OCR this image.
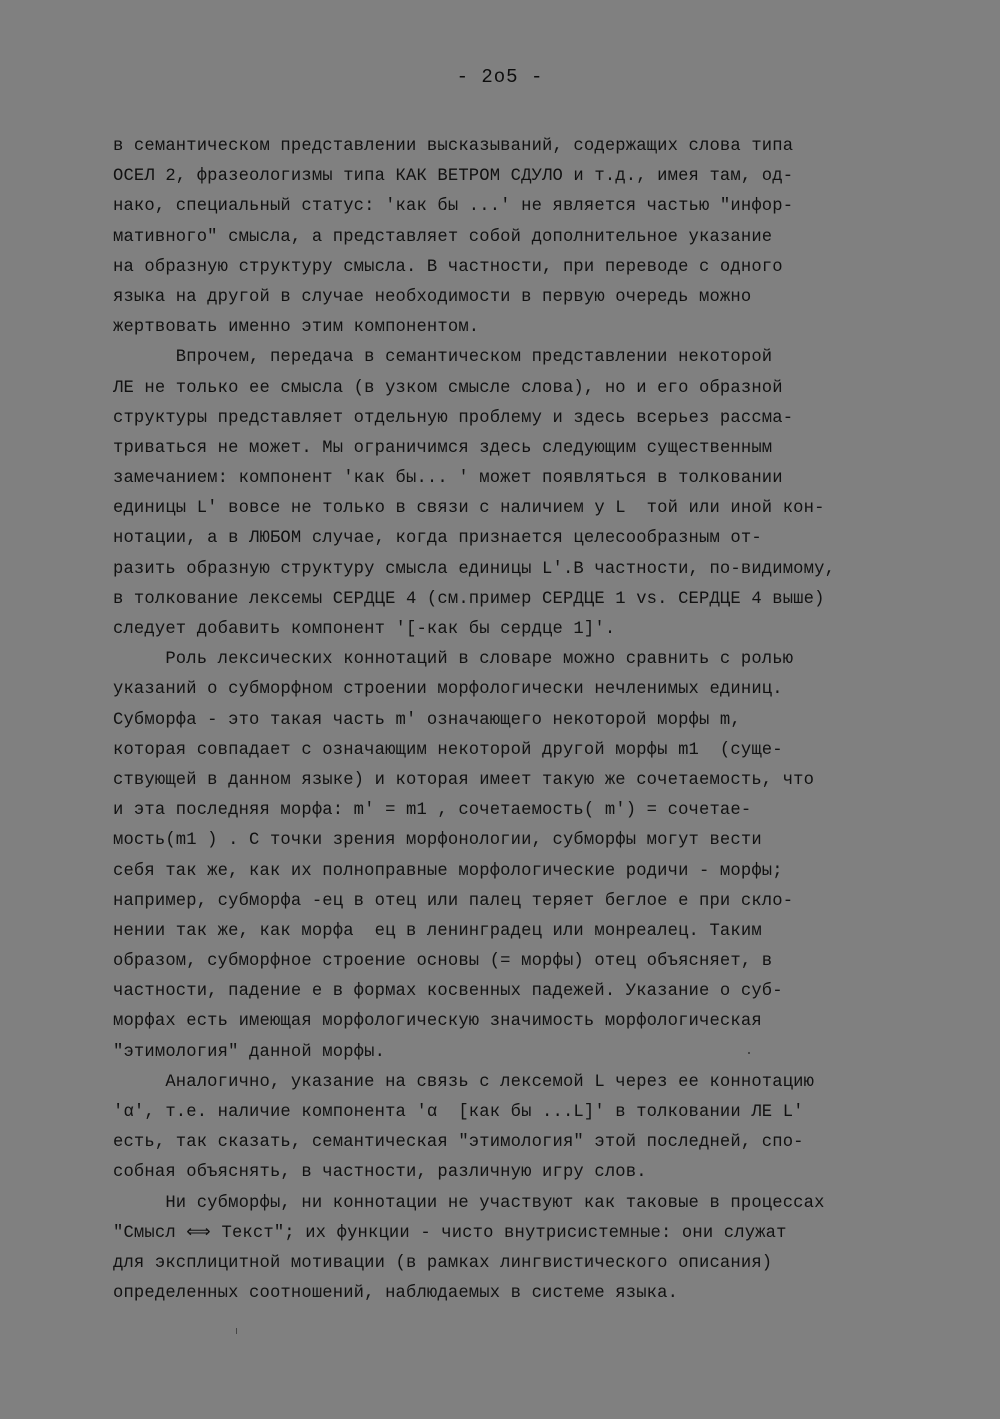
- 2o5 -
в семантическом представлении высказываний, содержащих слова типа
ОСЕЛ 2, фразеологизмы типа КАК ВЕТРОМ СДУЛО и т.д., имея там, од-
нако, специальный статус: 'как бы ...' не является частью "инфор-
мативного" смысла, а представляет собой дополнительное указание
на образную структуру смысла. В частности, при переводе с одного
языка на другой в случае необходимости в первую очередь можно
жертвовать именно этим компонентом.
Впрочем, передача в семантическом представлении некоторой
ЛЕ не только ее смысла (в узком смысле слова), но и его образной
структуры представляет отдельную проблему и здесь всерьез рассма-
триваться не может. Мы ограничимся здесь следующим существенным
замечанием: компонент 'как бы... ' может появляться в толковании
единицы L' вовсе не только в связи с наличием у L  той или иной кон-
нотации, а в ЛЮБОМ случае, когда признается целесообразным от-
разить образную структуру смысла единицы L'.В частности, по-видимому,
в толкование лексемы СЕРДЦЕ 4 (см.пример СЕРДЦЕ 1 vs. СЕРДЦЕ 4 выше)
следует добавить компонент '[-как бы сердце 1]'.
Роль лексических коннотаций в словаре можно сравнить с ролью
указаний о субморфном строении морфологически нечленимых единиц.
Субморфа - это такая часть m' означающего некоторой морфы m,
которая совпадает с означающим некоторой другой морфы m1  (суще-
ствующей в данном языке) и которая имеет такую же сочетаемость, что
и эта последняя морфа: m' = m1 , сочетаемость( m') = сочетае-
мость(m1 ) . С точки зрения морфонологии, субморфы могут вести
себя так же, как их полноправные морфологические родичи - морфы;
например, субморфа -ец в отец или палец теряет беглое е при скло-
нении так же, как морфа  ец в ленинградец или монреалец. Таким
образом, субморфное строение основы (= морфы) отец объясняет, в
частности, падение е в формах косвенных падежей. Указание о суб-
морфах есть имеющая морфологическую значимость морфологическая
"этимология" данной морфы.
Аналогично, указание на связь с лексемой L через ее коннотацию
'α', т.е. наличие компонента 'α  [как бы ...L]' в толковании ЛЕ L'
есть, так сказать, семантическая "этимология" этой последней, спо-
собная объяснять, в частности, различную игру слов.
Ни субморфы, ни коннотации не участвуют как таковые в процессах
"Смысл ⟺ Текст"; их функции - чисто внутрисистемные: они служат
для эксплицитной мотивации (в рамках лингвистического описания)
определенных соотношений, наблюдаемых в системе языка.
